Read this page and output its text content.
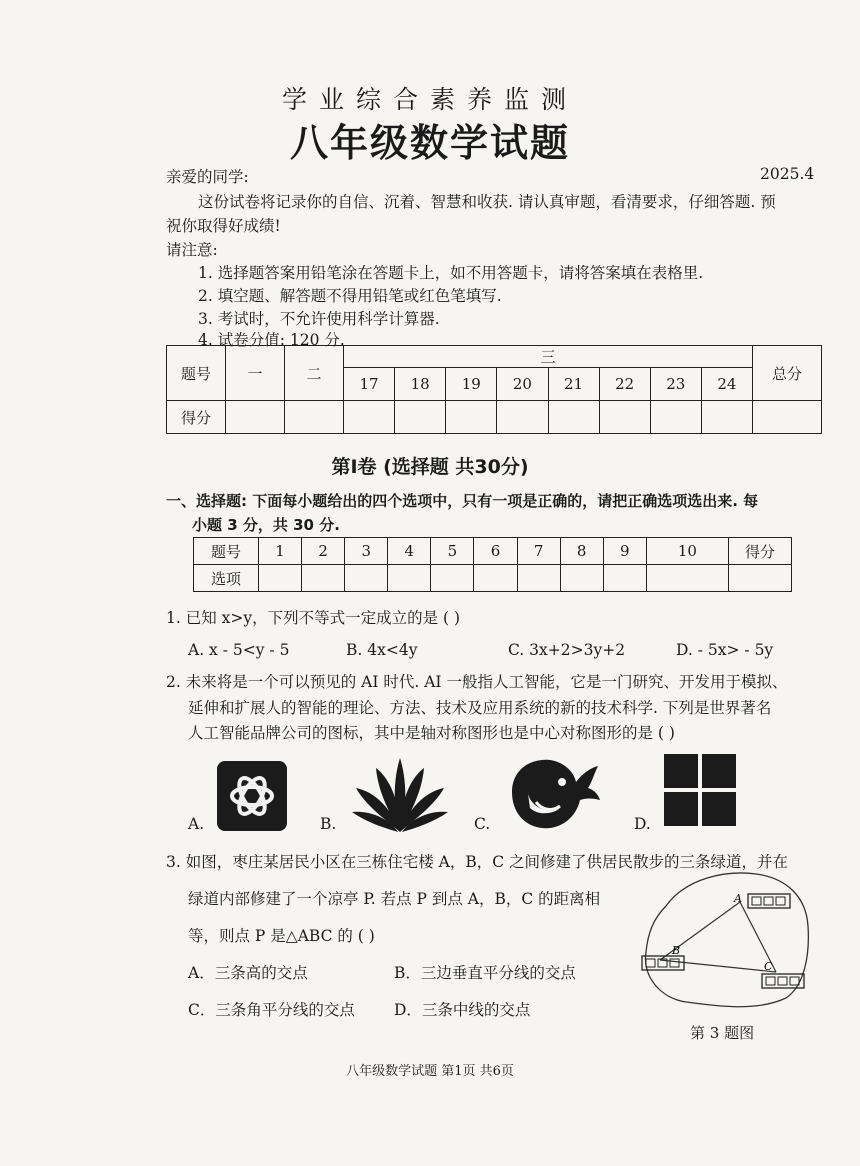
学业综合素养监测
八年级数学试题
亲爱的同学:	2025.4
这份试卷将记录你的自信、沉着、智慧和收获. 请认真审题，看清要求，仔细答题. 预
祝你取得好成绩!
请注意:
1. 选择题答案用铅笔涂在答题卡上，如不用答题卡，请将答案填在表格里.
2. 填空题、解答题不得用铅笔或红色笔填写.
3. 考试时，不允许使用科学计算器.
4. 试卷分值: 120 分.
题号	一	二	三								总分
			17	18	19	20	21	22	23	24	
得分											
第Ⅰ卷 (选择题 共30分)
一、选择题: 下面每小题给出的四个选项中，只有一项是正确的，请把正确选项选出来. 每
小题 3 分，共 30 分.
题号	1	2	3	4	5	6	7	8	9	10	得分
选项											
1. 已知 x>y，下列不等式一定成立的是 ( )
A. x - 5<y - 5	B. 4x<4y	C. 3x+2>3y+2	D. - 5x> - 5y
2. 未来将是一个可以预见的 AI 时代. AI 一般指人工智能，它是一门研究、开发用于模拟、
延伸和扩展人的智能的理论、方法、技术及应用系统的新的技术科学. 下列是世界著名
人工智能品牌公司的图标，其中是轴对称图形也是中心对称图形的是 ( )
A.	B.	C.	D.
3. 如图，枣庄某居民小区在三栋住宅楼 A，B，C 之间修建了供居民散步的三条绿道，并在
绿道内部修建了一个凉亭 P. 若点 P 到点 A，B，C 的距离相
等，则点 P 是△ABC 的 ( )
A．三条高的交点	B．三边垂直平分线的交点
C．三条角平分线的交点	D．三条中线的交点
A
B
C
第 3 题图
八年级数学试题 第1页 共6页
